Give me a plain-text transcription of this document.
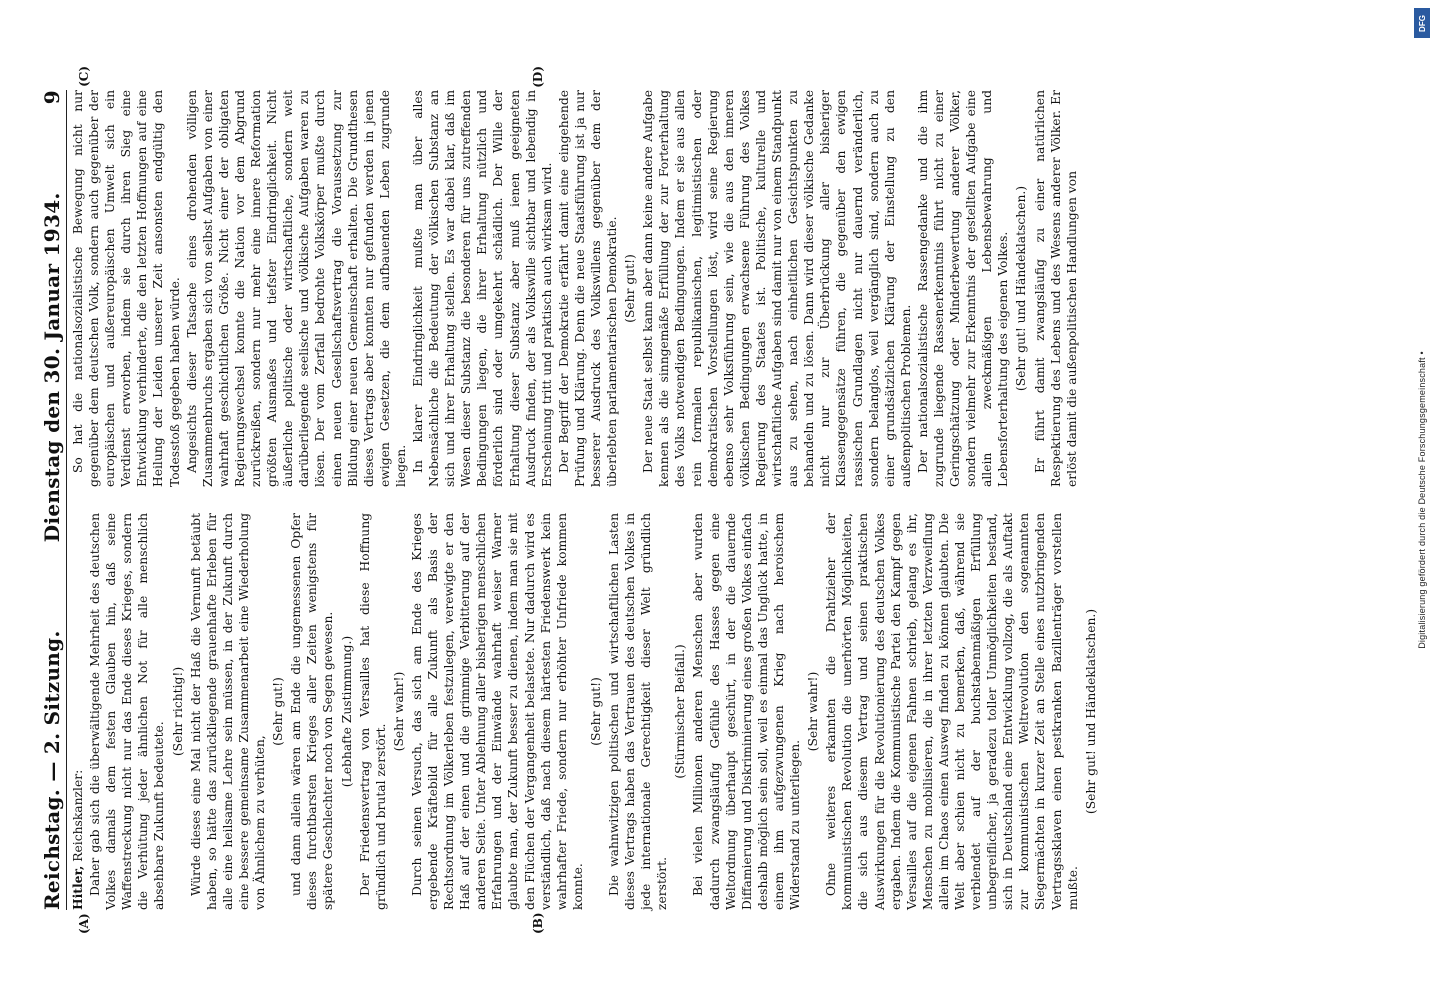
Reichstag. — 2. Sitzung.
Dienstag den 30. Januar 1934.
9
(A)	(B)

Hitler, Reichskanzler: Daher gab sich die überwältigende Mehrheit des deutschen Volkes damals dem festen Glauben hin, daß seine Waffenstreckung nicht nur das Ende dieses Krieges, sondern die Verhütung jeder ähnlichen Not für alle menschlich absehbare Zukunft bedeutete.

(Sehr richtig!) Würde dieses eine Mal nicht der Haß die Vernunft betäubt haben, so hätte das zurückliegende grauenhafte Erleben für alle eine heilsame Lehre sein müssen, in der Zukunft durch eine bessere gemeinsame Zusammenarbeit eine Wiederholung von Ähnlichem zu verhüten,

(Sehr gut!) und dann allein wären am Ende die ungemessenen Opfer dieses furchtbarsten Krieges aller Zeiten wenigstens für spätere Geschlechter noch von Segen gewesen. (Lebhafte Zustimmung.) Der Friedensvertrag von Versailles hat diese Hoffnung gründlich und brutal zerstört.

(Sehr wahr!) Durch seinen Versuch, das sich am Ende des Krieges ergebende Kräftebild für alle Zukunft als Basis der Rechtsordnung im Völkerleben festzulegen, verewigte er den Haß auf der einen und die grimmige Verbitterung auf der anderen Seite. Unter Ablehnung aller bisherigen menschlichen Erfahrungen und der Einwände wahrhaft weiser Warner glaubte man, der Zukunft besser zu dienen, indem man sie mit den Flüchen der Vergangenheit belastete. Nur dadurch wird es verständlich, daß nach diesem härtesten Friedenswerk kein wahrhafter Friede, sondern nur erhöhter Unfriede kommen konnte.

(Sehr gut!) Die wahnwitzigen politischen und wirtschaftlichen Lasten dieses Vertrags haben das Vertrauen des deutschen Volkes in jede internationale Gerechtigkeit dieser Welt gründlich zerstört.

(Stürmischer Beifall.) Bei vielen Millionen anderen Menschen aber wurden dadurch zwangsläufig Gefühle des Hasses gegen eine Weltordnung überhaupt geschürt, in der die dauernde Diffamierung und Diskriminierung eines großen Volkes einfach deshalb möglich sein soll, weil es einmal das Unglück hatte, in einem ihm aufgezwungenen Krieg nach heroischem Widerstand zu unterliegen.

(Sehr wahr!) Ohne weiteres erkannten die Drahtzieher der kommunistischen Revolution die unerhörten Möglichkeiten, die sich aus diesem Vertrag und seinen praktischen Auswirkungen für die Revolutionierung des deutschen Volkes ergaben. Indem die Kommunistische Partei den Kampf gegen Versailles auf die eigenen Fahnen schrieb, gelang es ihr, Menschen zu mobilisieren, die in ihrer letzten Verzweiflung allein im Chaos einen Ausweg finden zu können glaubten. Die Welt aber schien nicht zu bemerken, daß, während sie verblendet auf der buchstabenmäßigen Erfüllung unbegreiflicher, ja geradezu toller Unmöglichkeiten bestand, sich in Deutschland eine Entwicklung vollzog, die als Auftakt zur kommunistischen Weltrevolution den sogenannten Siegermächten in kurzer Zeit an Stelle eines nutzbringenden Vertragssklaven einen pestkranken Bazillenträger vorstellen mußte.

(Sehr gut! und Händeklatschen.)

(C)	(D)

So hat die nationalsozialistische Bewegung nicht nur gegenüber dem deutschen Volk, sondern auch gegenüber der europäischen und außereuropäischen Umwelt sich ein Verdienst erworben, indem sie durch ihren Sieg eine Entwicklung verhinderte, die den letzten Hoffnungen auf eine Heilung der Leiden unserer Zeit ansonsten endgültig den Todesstoß gegeben haben würde. Angesichts dieser Tatsache eines drohenden völligen Zusammenbruchs ergaben sich von selbst Aufgaben von einer wahrhaft geschichtlichen Größe. Nicht einer der obligaten Regierungswechsel konnte die Nation vor dem Abgrund zurückreißen, sondern nur mehr eine innere Reformation größten Ausmaßes und tiefster Eindringlichkeit. Nicht äußerliche politische oder wirtschaftliche, sondern weit darüberliegende seelische und völkische Aufgaben waren zu lösen. Der vom Zerfall bedrohte Volkskörper mußte durch einen neuen Gesellschaftsvertrag die Voraussetzung zur Bildung einer neuen Gemeinschaft erhalten. Die Grundthesen dieses Vertrags aber konnten nur gefunden werden in jenen ewigen Gesetzen, die dem aufbauenden Leben zugrunde liegen. In klarer Eindringlichkeit mußte man über alles Nebensächliche die Bedeutung der völkischen Substanz an sich und ihrer Erhaltung stellen. Es war dabei klar, daß im Wesen dieser Substanz die besonderen für uns zutreffenden Bedingungen liegen, die ihrer Erhaltung nützlich und förderlich sind oder umgekehrt schädlich. Der Wille der Erhaltung dieser Substanz aber muß ienen geeigneten Ausdruck finden, der als Volkswille sichtbar und lebendig in Erscheinung tritt und praktisch auch wirksam wird. Der Begriff der Demokratie erfährt damit eine eingehende Prüfung und Klärung. Denn die neue Staatsführung ist ja nur besserer Ausdruck des Volkswillens gegenüber dem der überlebten parlamentarischen Demokratie. (Sehr gut!) Der neue Staat selbst kann aber dann keine andere Aufgabe kennen als die sinngemäße Erfüllung der zur Forterhaltung des Volks notwendigen Bedingungen. Indem er sie aus allen rein formalen republikanischen, legitimistischen oder demokratischen Vorstellungen löst, wird seine Regierung ebenso sehr Volksführung sein, wie die aus den inneren völkischen Bedingungen erwachsene Führung des Volkes Regierung des Staates ist. Politische, kulturelle und wirtschaftliche Aufgaben sind damit nur von einem Standpunkt aus zu sehen, nach einheitlichen Gesichtspunkten zu behandeln und zu lösen. Dann wird dieser völkische Gedanke nicht nur zur Überbrückung aller bisheriger Klassengegensätze führen, die gegenüber den ewigen rassischen Grundlagen nicht nur dauernd veränderlich, sondern belanglos, weil vergänglich sind, sondern auch zu einer grundsätzlichen Klärung der Einstellung zu den außenpolitischen Problemen. Der nationalsozialistische Rassengedanke und die ihm zugrunde liegende Rassenerkenntnis führt nicht zu einer Geringschätzung oder Minderbewertung anderer Völker, sondern vielmehr zur Erkenntnis der gestellten Aufgabe eine allein zweckmäßigen Lebensbewahrung und Lebensforterhaltung des eigenen Volkes. (Sehr gut! und Händeklatschen.) Er führt damit zwangsläufig zu einer natürlichen Respektierung des Lebens und des Wesens anderer Völker. Er erlöst damit die außenpolitischen Handlungen von

DFG
Digitalisierung gefördert durch die Deutsche Forschungsgemeinschaft •
